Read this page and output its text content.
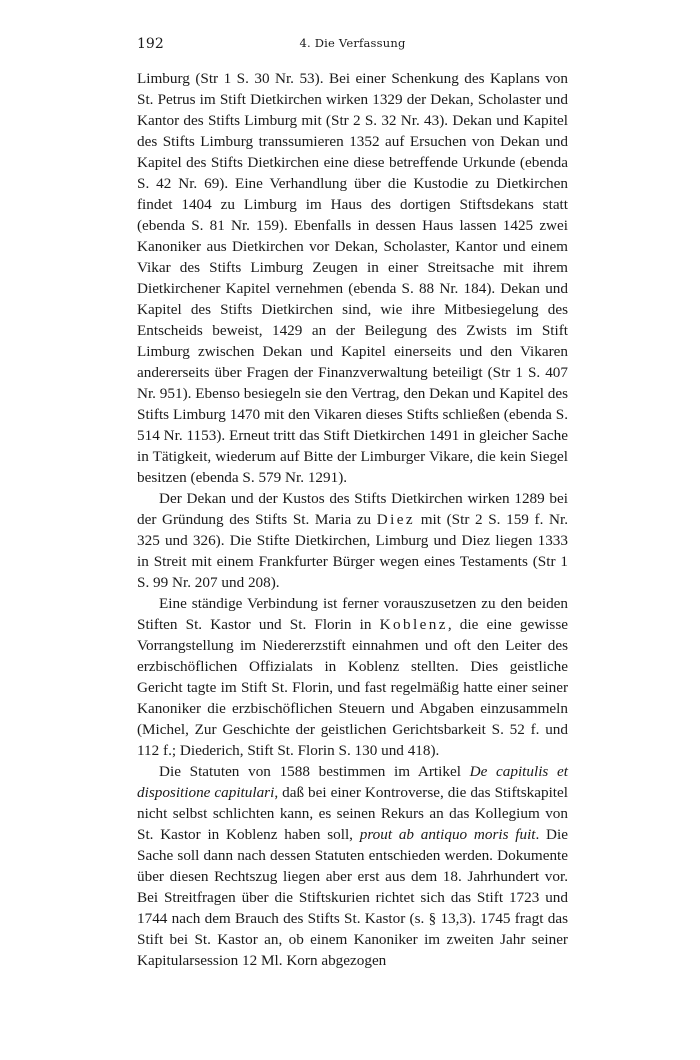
192	4. Die Verfassung

Limburg (Str 1 S. 30 Nr. 53). Bei einer Schenkung des Kaplans von St. Petrus im Stift Dietkirchen wirken 1329 der Dekan, Scholaster und Kantor des Stifts Limburg mit (Str 2 S. 32 Nr. 43). Dekan und Kapitel des Stifts Limburg transsumieren 1352 auf Ersuchen von Dekan und Kapitel des Stifts Dietkirchen eine diese betreffende Urkunde (ebenda S. 42 Nr. 69). Eine Verhandlung über die Kustodie zu Dietkirchen findet 1404 zu Limburg im Haus des dortigen Stiftsdekans statt (ebenda S. 81 Nr. 159). Ebenfalls in dessen Haus lassen 1425 zwei Kanoniker aus Dietkirchen vor Dekan, Scholaster, Kantor und einem Vikar des Stifts Limburg Zeugen in einer Streitsache mit ihrem Dietkirchener Kapitel vernehmen (ebenda S. 88 Nr. 184). Dekan und Kapitel des Stifts Dietkirchen sind, wie ihre Mitbesiegelung des Entscheids beweist, 1429 an der Beilegung des Zwists im Stift Limburg zwischen Dekan und Kapitel einerseits und den Vikaren andererseits über Fragen der Finanzverwaltung beteiligt (Str 1 S. 407 Nr. 951). Ebenso besiegeln sie den Vertrag, den Dekan und Kapitel des Stifts Limburg 1470 mit den Vikaren dieses Stifts schließen (ebenda S. 514 Nr. 1153). Erneut tritt das Stift Dietkirchen 1491 in gleicher Sache in Tätigkeit, wiederum auf Bitte der Limburger Vikare, die kein Siegel besitzen (ebenda S. 579 Nr. 1291).

Der Dekan und der Kustos des Stifts Dietkirchen wirken 1289 bei der Gründung des Stifts St. Maria zu Diez mit (Str 2 S. 159 f. Nr. 325 und 326). Die Stifte Dietkirchen, Limburg und Diez liegen 1333 in Streit mit einem Frankfurter Bürger wegen eines Testaments (Str 1 S. 99 Nr. 207 und 208).

Eine ständige Verbindung ist ferner vorauszusetzen zu den beiden Stiften St. Kastor und St. Florin in Koblenz, die eine gewisse Vorrangstellung im Niedererzstift einnahmen und oft den Leiter des erzbischöflichen Offizialats in Koblenz stellten. Dies geistliche Gericht tagte im Stift St. Florin, und fast regelmäßig hatte einer seiner Kanoniker die erzbischöflichen Steuern und Abgaben einzusammeln (Michel, Zur Geschichte der geistlichen Gerichtsbarkeit S. 52 f. und 112 f.; Diederich, Stift St. Florin S. 130 und 418).

Die Statuten von 1588 bestimmen im Artikel De capitulis et dispositione capitulari, daß bei einer Kontroverse, die das Stiftskapitel nicht selbst schlichten kann, es seinen Rekurs an das Kollegium von St. Kastor in Koblenz haben soll, prout ab antiquo moris fuit. Die Sache soll dann nach dessen Statuten entschieden werden. Dokumente über diesen Rechtszug liegen aber erst aus dem 18. Jahrhundert vor. Bei Streitfragen über die Stiftskurien richtet sich das Stift 1723 und 1744 nach dem Brauch des Stifts St. Kastor (s. § 13,3). 1745 fragt das Stift bei St. Kastor an, ob einem Kanoniker im zweiten Jahr seiner Kapitularsession 12 Ml. Korn abgezogen
